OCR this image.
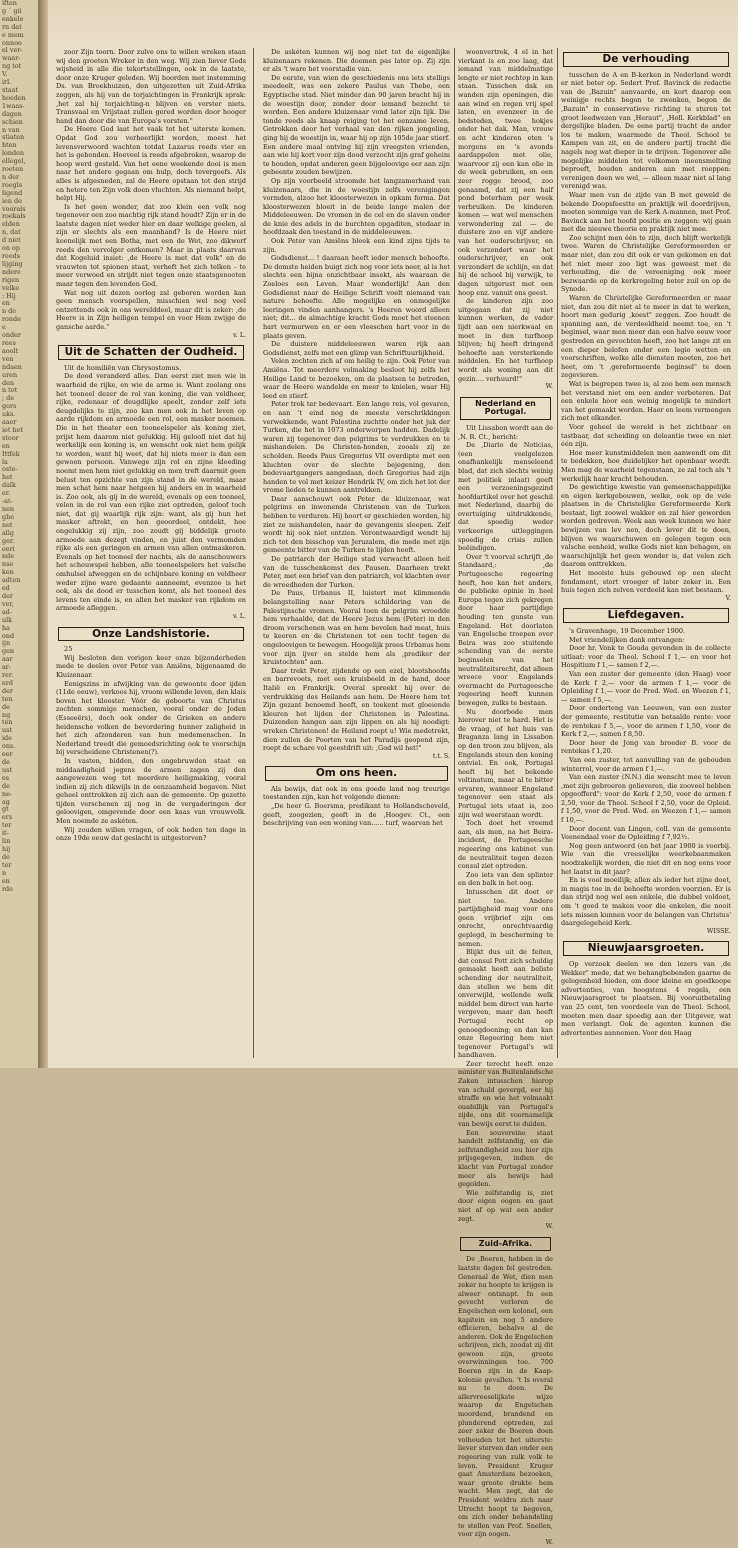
iften
g ´ gii
enkele
rn dat
e mem
onnoo
el ver-
waar-
ng tot
V.
irl.
staat
hoeden
1waas-
dagen
schien
n van
stiaten
hten
londen
ellegel,
roeten
n der
roegls
ligend
ien de
voorals
roekals
elden
n, dat
d niet
on op
reeds
lijging
ndere
rigen
velke
: Hij
en
n de
ronde
e
onder
rees
aoolt
ven
ndaen
uren
den
n tot
; de
gors
uks.
aaer
iet het
stoor
en
Ittfek
la
oste-
het
dalk
er.
-at-
nen
ghe
net
allg
ger.
eeri
nde
nse
ken
adten
ed
der
ver,
ad-
ulk
ha
ond
ijn
gen
aar
ar-
rer.
erd
der
ten
de
ng
ten
ust
ide
ons.
eer
de
ust
es
de
ne-
ag
gt
ers
ter
it-
lin
hij
de
ter
n
en
rde

zoor Zijn toorn. Door zulve ons te willen wreken staan wij den groeten Wreker in den weg. Wij zien liever Gods wijsheid in alle die tekortstellingen, ook in de laatste, door onze Kruger geleden. Wij hoorden met instemming Ds. van Broekhuizen, den uitgezetten uit Zuid-Afrika zeggen, als hij van de torjaichtingen in Frankrijk sprak: ‚het zal hij torjaichting‑n blijven en verster niets. Transvaal en Vrijstaat zullen gered worden door hooger hand dan door die van Europa's vorsten."

De Heere God laat het vaak tot het uiterste komen. Opdat God zou verheerlijkt worden, moest het levensverwoord wachten totdat Lazarus reeds vier en het is gebonden. Hoeveel is reeds afgebroken, waarop de hoop werd gesteld. Van het eene weekende dooi is men naar het andere gegaan om hulp, doch tevergeefs. Als alles is afgesneden, zal de Heere opstaan tot den strijd en hetere ten Zijn volk doen vluchten. Als niemand helpt, helpt Hij.

Is het geen wonder, dat zoo klein een volk nog tegenover een zoo machtig rijk stand houdt? Zijn er in de laatste dagen niet weder hier en daar welkige geelen, al zijn er slechts als een maanhand? Is de Heere niet keenelijk met een Botha, met een de Wet, zoo dikwerf reeds den vervolger ontkomen? Maar in plaats daarvan dat Kogeluid insiet: ‚de Heere is met dat volk" en de vrauwten tot spionen staat, verheft het zich telken ‑ te meer verwoed en strijdt niet tegen onze staatsgenooten maar tegen den levenden God.

Wat nog uit dezen oorlog zal geboren worden kan geen mensch voorspellen, misschien wel nog veel ontzettends ook in ons werelddeel, maar dit is zeker: ‚de Heere is in Zijn heiligen tempel en voor Hem zwijge de gansche aarde."

v. L.

Uit de Schatten der Oudheid.

Uit de homiliën van Chrysostomus.

De dood veranderd alles. Dan eerst ziet men wie in waarheid de rijke, en wie de arme is. Want zoolang ons het tooneel dezer de rol van koning, die van veldheer, rijke, redenaar of deugdlijke speelt, zonder zelf iets deugdelijks te zijn, zoo kan men ook in het leven op aarde rijkdom en armoede een rol, een masker noemen. Die in het theater een tooneelspeler als koning ziet, prijst hem daarom niet gelukkig. Hij geloofl niet dat hij werkelijk een koning is, en wenscht ook niet hem gelijk te worden, want hij weet, dat hij niets meer is dan een gewoon persoon. Vanwege zijn rol en zijne kleeding noemt men hem niet gelukkig en men treft daarmit geen belust ten opzichte van zijn stand in de wereld, maar men schat hem naar hetgeen hij anders en in waarheid is. Zoo ook, als gij in de wereld, evenals op een tooneel, velen in de rol van een rijke ziet optreden, geloof toch niet, dat gij waarlijk rijk zijn: want, als gij hun het masker aftrekt, en hen geoordeel, ontdekt, hoe ongelukkig zij zijn, zoo zoudt gij biddelijk groote armoede aan dezegt vinden, en juist den vermomden rijke als een geringen en armen van allen ontmaskeren. Evenals op het tooneel der nachts, als de aanschouwers het schouwspel hebben, alle tooneelspelers het valsche omhulsel afweggen en de schijnbare koning en veldheer weder zijne ware gedaante aanneemt, evenzoo is het ook, als de dood er tusschen komt, als het tooneel des levens ten einde is, en allen het masker van rijkdom en armoede afleggen.

v. L.

Onze Landshistorie.

25

Wij besloten den vorigen keer onze bijzonderheden mede te deelen over Peter van Amiëns, bijgenaamd de Kluizenaar.

Eenigszins in afwijking van de gewoonte door ijden (11de eeuw), verkoos hij, vroom willende leven, den klais boven het klooster. Vóór de geboorte van Christus zochten sommige menschen, vooral onder de Joden (Esseeërs), doch ook onder de Grieken en andere heidensche volken de bevordering hunner zaligheid in het zich afzonderen van hun medemenschen. In Nederland treedt die gemoedsrichting ook te voorschijn bij verscheidene Christenen(?).

In vasten, bidden, den ongebruwden staat en middaadigheid jegens de armen zagen zij den aangewezen weg tot meerdere heiligmaking, vooral indien zij zich dikwijls in de eenzaamheid begaven. Niet geheel onttrokken zij zich aan de gemeente. Op gezette tijden verschenen zij nog in de vergaderingen der geloovigen, omgevende door een kaas van vrouwvolk. Men noemde ze askéten.

Wij zouden willen vragen, of ook heden ten dage in onze 19de eeuw dat geslacht is uitgestorven?

De askéten kunnen wij nog niet tot de eigenlijke kluizenaars rekenen. Die doemen pas later op. Zij zijn er als 't ware het voorstadie van.

De eerste, van wien de geschiedenis ons iets stelligs meedeelt, was een zekere Paulus van Thebe, een Egyptische stad. Niet minder dan 90 jaren bracht hij in de woestijn door, zonder door iemand bezocht te worden. Een andere kluizenaar vond later zijn lijk. Die tonde reeds als knaap reiging tot het eenzame leven. Getrokken door het verhaal van den rijken jongeling, ging hij de woestijn in, waar hij op zijn 105de jaar stierf. Een andere maal ontving hij zijn vreegsten vrienden, aan wie hij kort voor zijn dood verzocht zijn graf geheim te houden, opdat anderen geen bijgeloovige eer aan zijn gebeente zouden bewijzen.

Op zijn voorbeeld stroomde het langzamerhand van kluizenaars, die in de woestijn zelfs verenigingen vormden, alzoo het kloosterwezen in opkam forma. Dat kloosterwezen bloeit in de beide lange malen der Middeleeuwen. De vromen in de cel en de slaven onder de knie des adels in de burchten opgaditen, stedaar in hoofdzaak den toestand in de middeleeuwen.

Ook Peter van Amiëns bleek een kind zijns tijds te zijn.

Godsdienst... ! daaraan heeft ieder mensch behoefte. De domste heiden buigt zich nog voor iets neer, al is het slechts een bijna onzichtbaar insekt, als waaraan de Zoeloes een Leven. Maar wonderlijk! Aan den Godsdienst naar de Heilige Schrift voelt niemand van nature behoefte. Alle mogelijke en onmogelijke leeringen vinden aanhangers. 's Heeren woord alleen niet; dit... de almachtige kracht Gods moet het steenen hart vermurwen en er een vleeschen hart voor in de plaats geven.

De duistere middeleeuwen waren rijk aan Godsdienst, zelfs met een glimp van Schriftuurlijkheid.

Velen zochten zich af om heilig te zijn. Ook Peter van Amiëns. Tot meerdere volmaking besloot hij zelfs het Heilige Land te bezoeken, om de plaatsen te betreden, waar de Heere wandelde en meer te knielen, waar Hij leed en stierf.

Peter trok ter bedevaart. Een lange reis, vol gevaren, en aan 't eind nog de meeste verschrikkingen verwekkende, want Palestina zuchtte onder het juk der Turken, die het in 1073 onderworpen hadden. Dadelijk waren zij tegenover den pelgrims te verdrukken en te mishandelen. De Christen-honden, zooals zij ze scholden. Reeds Paus Gregorius VII overdipte met een kluchten over de slechte bejegening, den bedevaartgangers aangedaan, doch Gregorius had zijn handen te vol met keizer Hendrik IV, om zich het lot der vrome lieden te kunnen aantrekken.

Daar aanschouwt ook Peter de kluizenaar, wat pelgrims en inwonende Christenen van de Turken hebben te verduren. Hij hoort er geschieden worden, hij ziet ze mishandelen, naar de gevangenis sleepen. Zelf wordt hij ook niet ontzien. Verontwaardigd wendt hij zich tot den bisschop van Jeruzalem, die mede met zijn gemeente bitter van de Turken te lijden heeft.

De patriarch der Heilige stad verwacht alleen heil van de tusschenkomst des Pausen. Daarheen trekt Peter, met een brief van den patriarch, vol klachten over de wreedheden der Turken.

De Paus, Urbanus II, luistert met klimmende belangstelling naar Peters schildering van de Palestijnsche vromen. Vooral toen de pelgrim wroedde hem verhaalde, dat de Heere Jezus hem (Peter) in den droom verschenen was en hem bevolen had meat, huis te keeren en de Christenen tot een tocht tegen de ongeloovigen te bewegen. Hoogelijk prees Urbanus hem voor zijn ijver en stelde hem als ‚prediker der kruistochten" aan.

Daar trekt Peter, zijdende op een ezel, blootshoofds en barrevoets, met een kruisbeeld in de hand, door Italië en Frankrijk. Overal spreekt hij over de verdrukking des Heilands aan hem. De Heere hem tot Zijn gezant benoemd heeft, en toekent met gloeiende kleuren het lijden der Christenen in Palestina. Duizenden hangen aan zijn lippen en als hij noodigt: wreken Christenen! de Heiland roept u! Wie medetrekt, dien zullen de Poorten van het Paradijs geopend zijn, roept de schare vol geestdrift uit: ‚God wil het!"

t.t. S.

Om ons heen.

Als bewijs, dat ook in ons goede land nog treurige toestanden zijn, kan het volgende dienen:

„De heer G. Boersma, predikant te Hollandscheveld, geeft, zoogezien, geeft in de ‚Hoogev. Ct.‚ een beschrijving van een woning van...... turf, waarvan het

woonvertrek, 4 el in het vierkant is en zoo laag, dat iemand van middelmatige lengte er niet rechtop in kan staan. Tusschen dak en wanden zijn openingen, die aan wind en regen vrij spel laten, en evenzeer in de bedsteden, twee hokjes onder het dak. Man, vrouw en acht kinderen eten 's morgens en 's avonds aardappelen met olie, waarvoor zij een kan olie in de week gebruiken, en een zeer rogge brood, zoo genaamd, dat zij een half pond boterham per week verbruiken. De kinderen komen — wat wel menschen verwondering zal — de duistere zoo en vijf andere van het ouderschrijver, en ook verzondert waar het ouderschrijver, en ook verzondert de schlijn, en dat hij de school bij verwijk, te dagen uitgerust met een hoop enz. vanuit ons geest.

de kinderen zijn zoo uitgegaan dat zij niet kunnen werken, de vader lijdt aan een nierkwaal en moet in den turfhoop blijven; hij heeft dringend behoefte aan versterkende middelen. En het turfhoop wordt als woning aan dit gezin.... verhuurd!"

W.

Nederland en Portugal.

Uit Lissabon wordt aan de ‚N. R. Ct.‚ bericht:

De ‚Diario de Noticias‚ (een veelgelezen onafhankelijk menseleend blad, dat zich slechts weinig met politiek inlaat) geeft een verzoeningsgezind hoofdartikel over het geschil met Nederland, daarbij de overtuiging uitdrukkende, dat spoedig weder verkeerige uitleggingen spoedig de crisis zullen beëindigen.

Over 't voorval schrijft ‚de Standaard‚: ‚de Portugeesche regeering heeft, hoe kan het anders, de publieke opinie in heel Europa tegen zich gekregen door haar partijdige houding ten gunste van Engeland. Het doorlaten van Engelsche troepen over Beira was zoo stuitende schending van de eerste beginselen van het neutraliteitsrecht, dat alleen wreece voor Engelands overmacht de Portugeesche regeering heeft kunnen bewegen, zulks te bestaan.

Nu doorbode men hierover niet te hard. Het is de vraag, of het huis van Braganza lang in Lissabon op den troon zou blijven, als Engelands steun den koning ontviel. En ook, Portugal heeft bij het bekende voltinatum‚ maar al te bitter ervaren, wanneer Engeland tegenover een staat als Portugal iets staat is, zoo zijn wel weerstaan wordt.

Toch doet het vreemd aan, als men, na het Beira-incident, de Portugeesche regeering ons kabinet van de neutraliteit tegen dezen consul ziet optreden.

Zoo iets van den splinter en den balk in het oog.

Intusschen dit doet er niet toe. Andere partijdigheid mag voor ons geen vrijbrief zijn om onrecht, onrechtvaardig geplegd, in bescherming te nemen.

Blijkt dus uit de feiten, dat consul Pott zich schuldig gemaakt heeft aan beliste schending der neutraliteit, dan stellen we hem dit onverwijld, wellende welk middel hem direct van harte vergeven, maar dan heeft Portugal recht op genoegdoening; en dan kan onze Regeering hem niet tegenover Portugal's wil handhaven.

Zeer terecht heeft onze minister van Buitenlandsche Zaken intusschen hierop van schuld gevergd, eer hij straffe en wie het volmaakt ouabillijk van Portugal's zijde, ons dit voornamelijk van bewijs eerst te duiden.

Een souvereine staat handelt zelfstandig, en die zelfstandigheid zou hier zijn prijsgegeven, indien de klacht van Portugal zonder meer als bewijs had gegolden.

Wie zelfstandig is, ziet door eigen oogen en gaat niet af op wat een ander zegt.

W.

Zuid-Afrika.

De ‚Boeren‚ hebben in de laatste dagen fel gestreden. Generaal de Wet, dien men zeker nu hoopte te krijgen is alweer ontsnapt. In een gevecht verloren de Engelschen een kolonel, een kapitein en nog 5 andere officieren, behalve al de anderen. Ook de Engelschen schrijven, zich, zoodat zij dit gewoon zijn, groote overwinningen toe. 700 Boeren zijn in de Kaap-kolonie gevallen. 't Is overal nu te doen. De allervreeselijkste wijze waarop de Engelschen moordend, brandend en plunderend optreden, zal zeer zeker de Boeren doen volhouden tot het uiterste: liever sterven dan onder een regeering van zulk volk te leven. President Kruger gaat Amsterdam bezoeken, waar groote drukte hem wacht. Men zegt, dat de President weldra zich naar Utrecht hoopt te begeven, om zich onder behandeling te stellen van Prof. Snellen, voor zijn oogen.

W.

De verhouding

tusschen de A en B-kerken in Nederland wordt er niet beter op. Sedert Prof. Bavinck de redactie van de ‚Bazuin" aanvaarde, en kort daarop een weinigje rechts begon te zwenken, begon de ‚Bazuin" in conservatieve richting te sturen tot groot leedwezen van ‚Heraut", ‚Holl. Kerkblad" en dergelijke bladen. De eene partij tracht de ander los te maken, waarmede de Theol. School te Kampen van zit, en de andere partij tracht die nagels nog wat dieper in te drijven. Tegenover alle mogelijke middelen tot volkomen ineensmelting beproeft, houden anderen aan met roeppen: verenigen doen we wel, — alleen maar niet al lang verenigd was.

Waar men van de zijde van B met geweld de bekende Doopsfeestte en praktijk wil doordrijven, moeten sommige van de Kerk A-mannen, met Prof. Bavinck aan het hoofd positie en zeggen: wij gaan met die nieuwe theorie en praktijk niet mee.

Zoo schijnt men één te zijn, doch blijft werkelijk twee. Waren de Christelijke Gereformeerden er maar niet, dan zou dit ook er van gekomen en dat het niet meer zoo ligt was geweest met de verhouding, die de vereeniging ook meer bezwaarde op de kerkregeling beter zuil en op de Synode.

Waren de Christelijke Gereformeerden er maar niet, dan zou dit niet al te meer in dat te werken, hoort men gedurig ‚koest" zeggen. Zoo houdt de spanning aan, de verdeeldheid neemt toe, en 't beginsel, waar men meer dan een halve eeuw voor gestreden en gevochten heeft, zoo het lange zit en een dieper belofen onder een legio wetten en voorschriften, welke alle diensten moeten, zoo het heet, om 't ‚gereformeerde beginsel" te doen zegevieren.

Wat is begrepen twee is, al zoo hem een mensch het verstand niet om een ander verbeteren. Dat een enkele hoor een weinig mogelijk te mindert van het gemaakt worden. Haer en leem vermengen zich met elkander.

Voor geheel de wereld is het zichtbaar en tastbaar, dat scheiding en doleantie twee en niet één zijn.

Hoe meer kunstmiddelen men aanwendt om dit te bedekken, hoe duidelijker het openbaar wordt. Men mag de waarheid tegenstaan, ze zal toch als 't werkelijk haar kracht behouden.

De gewichtige kwestie van gemeenschappelijke en eigen kerkgebouwen, welke, ook op de vele plaatsen in de Christelijke Gereformeerde Kerk bestaat, ligt zoowel wakker en zal hier geworden worden gedreven. Week aan week kunnen we hier bewijzen van lev nen, doch lever dit te doen, blijven we waarschuwen en gelegen tegen een valsche eenheid, welke Gods niet kan behagen, en waarschijnlijk het geen wonder is, dat velen zich daarom onttrekken.

Het mooiste huis gebouwd op een slecht fondament, stort vroeger of later zeker in. Een huis tegen zich zelven verdeeld kan niet bestaan.

V.

Liefdegaven.

's Gravenhage, 19 December 1900.

Met vriendelijken dank ontvangen:

Door hr. Vonk te Gouda gevonden in de collecte uitlaat: voor de Theol. School f 1,— en voor het Hospitium f 1,— samen f 2,—.

Van een zuster der gemeente (den Haag) voor de Kerk f 2,— voor de armen f 1,— voor de Opleiding f 1,— voor de Pred. Wed. en Weezen f 1,— samen f 5,—.

Door onderteng van Leeuwen, van een zuster der gemeente, restitutie van betaalde rente: voor de rentekas f 5,—, voor de armen f 1,50, voor de Kerk f 2,—, samen f 8,50.

Door heer de Jong van broeder B. voor de rentekas f 1,20.

Van een zuster, tot aanvulling van de gebouden winterrol, voor de armen f 1,—.

Van een zuster (N.N.) die wenscht mee te leven ‚met zijn gebroeren gelieveren, die zooveel hebben opgeofferd": voor de Kerk f 2,50, voor de armen f 2,50, voor de Theol. School f 2,50, voor de Opleid. f 1,50, voor de Pred. Wed. en Weezen f 1,— samen f 10,—.

Door docent van Lingen, coll. van de gemeente Veenendaal voor de Opleiding f 7,92½.

Nog geen antwoord (en het jaar 1900 is voorbij. Wie van die vreeselijke weerkebaanmaken noodzakelijk worden, die niet dit en nog eens voor het laatst in dit jaar?

En is vool moeilijk; allen als ieder het zijne doet, in magis toe in de behoefte worden voorzien. Er is dan strijd nog wel een enkele, die dubbel voldoet, om 't goed te maken voor die enkelen, die nooit iets missen kunnen voor de belangen van Christus' daargelegeheid Kerk.

WISSE.

Nieuwjaarsgroeten.

Op verzoek deelen we den lezers van ‚de Wekker" mede, dat we behangbebenden gaarne de gelegenheid bieden, om door kleine en goedkoope advertenties, van hoogstens 4 regels, een Nieuwjaarsgroet te plaatsen. Bij vooruitbetaling van 25 cent, ten voordeele van de Theol. School, moeten men daar spoedig aan der Uitgever, wat men verlangt. Ook de agenten kunnen die advertenties aannemen. Voor den Haag
